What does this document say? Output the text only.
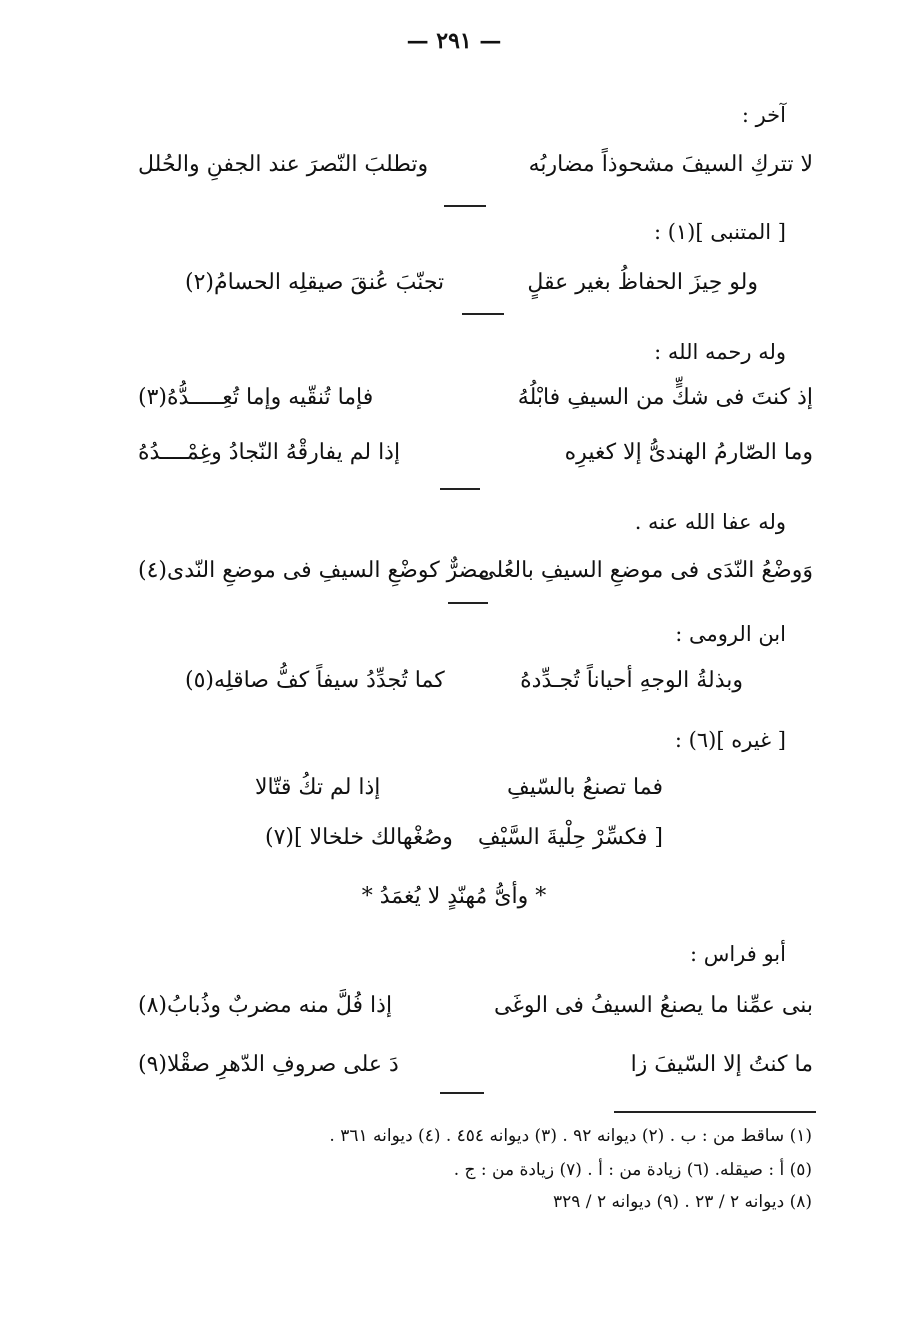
— ٢٩١ —
آخر :
لا تتركِ السيفَ مشحوذاً مضاربُه
وتطلبَ النّصرَ عند الجفنِ والحُلل
[ المتنبى ](١) :
ولو حِيزَ الحفاظُ بغير عقلٍ
تجنّبَ عُنقَ صيقلِه الحسامُ(٢)
وله رحمه الله :
إذ كنتَ فى شكٍّ من السيفِ فابْلُهُ
فإما تُنقّيه وإما تُعِـــــدُّهُ(٣)
وما الصّارمُ الهندىُّ إلا كغيرِه
إذا لم يفارقْهُ النّجادُ وغِمْــــدُهُ
وله عفا الله عنه .
وَوضْعُ النّدَى فى موضعِ السيفِ بالعُلى
مضرٌّ كوضْعِ السيفِ فى موضعِ النّدى(٤)
ابن الرومى :
وبذلةُ الوجهِ أحياناً تُجـدِّدهُ
كما تُجدِّدُ سيفاً كفُّ صاقلِه(٥)
[ غيره ](٦) :
فما تصنعُ بالسّيفِ
إذا لم تكُ قتّالا
[ فكسِّرْ حِلْيةَ السَّيْفِ
وصُغْهالك خلخالا ](٧)
* وأىُّ مُهنّدٍ لا يُغمَدُ *
أبو فراس :
بنى عمِّنا ما يصنعُ السيفُ فى الوغَى
إذا فُلَّ منه مضربٌ وذُبابُ(٨)
ما كنتُ إلا السّيفَ زا
دَ على صروفِ الدّهرِ صقْلا(٩)
(١) ساقط من : ب . (٢) ديوانه ٩٢ . (٣) ديوانه ٤٥٤ . (٤) ديوانه ٣٦١ .
(٥) أ : صيقله. (٦) زيادة من : أ . (٧) زيادة من : ج .
(٨) ديوانه ٢ / ٢٣ . (٩) ديوانه ٢ / ٣٢٩
